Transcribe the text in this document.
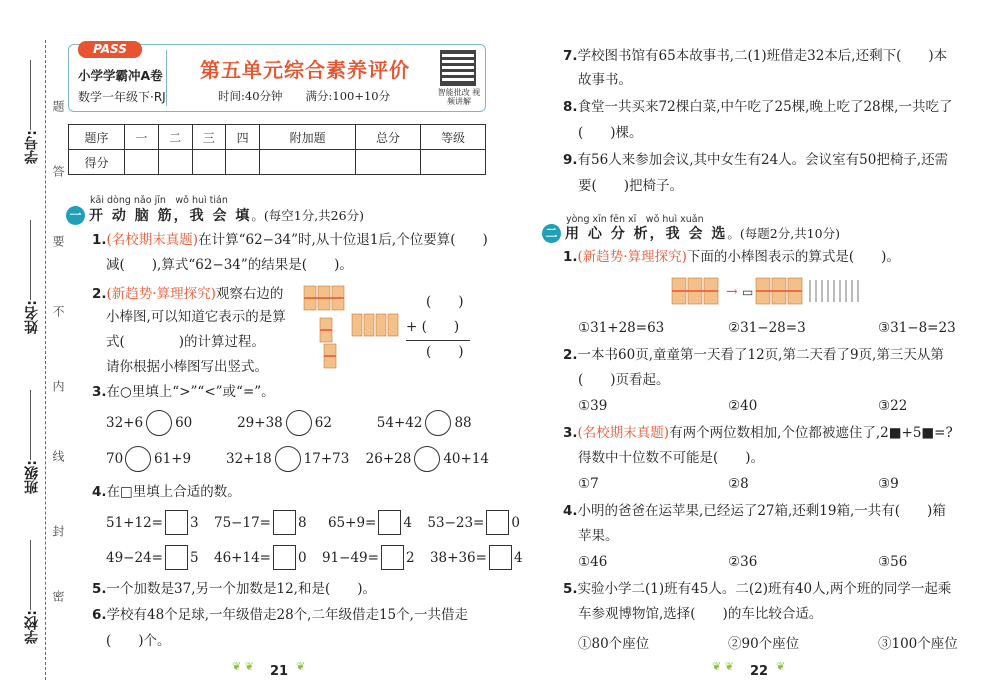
学号:
姓名:
班级:
学校:
题
答
要
不
内
线
封
密
PASS
小学学霸冲A卷
数学一年级下·RJ
第五单元综合素养评价
时间:40分钟　　满分:100+10分	智能批改 视频讲解
题序	一	二	三	四	附加题	总分	等级
得分							
kāi dòng nǎo jīn　wǒ huì tián
一 开 动 脑 筋，我 会 填 。(每空1分,共26分)
1.(名校期末真题)在计算“62−34”时,从十位退1后,个位要算(　　)
减(　　),算式“62−34”的结果是(　　)。
2.(新趋势·算理探究)观察右边的
小棒图,可以知道它表示的是算
式(　　　　)的计算过程。
请你根据小棒图写出竖式。
(　　)
+ (　　)
(　　)
3.在○里填上“>”“<”或“=”。
32+6 60	29+38 62	54+42 88
70 61+9	32+18 17+73	26+28 40+14
4.在□里填上合适的数。
51+12= 3	75−17= 8	65+9= 4	53−23= 0
49−24= 5	46+14= 0	91−49= 2	38+36= 4
5.一个加数是37,另一个加数是12,和是(　　)。
6.学校有48个足球,一年级借走28个,二年级借走15个,一共借走
(　　)个。
❦ ❦ 21 ❦
7.学校图书馆有65本故事书,二(1)班借走32本后,还剩下(　　)本
故事书。
8.食堂一共买来72棵白菜,中午吃了25棵,晚上吃了28棵,一共吃了
(　　)棵。
9.有56人来参加会议,其中女生有24人。会议室有50把椅子,还需
要(　　)把椅子。
yòng xīn fēn xī　wǒ huì xuǎn
二 用 心 分 析，我 会 选 。(每题2分,共10分)
1.(新趋势·算理探究)下面的小棒图表示的算式是(　　)。
→ ▭
①31+28=63	②31−28=3	③31−8=23
2.一本书60页,童童第一天看了12页,第二天看了9页,第三天从第
(　　)页看起。
①39	②40	③22
3.(名校期末真题)有两个两位数相加,个位都被遮住了,2■+5■=?
得数中十位数不可能是(　　)。
①7	②8	③9
4.小明的爸爸在运苹果,已经运了27箱,还剩19箱,一共有(　　)箱
苹果。
①46	②36	③56
5.实验小学二(1)班有45人。二(2)班有40人,两个班的同学一起乘
车参观博物馆,选择(　　)的车比较合适。
①80个座位	②90个座位	③100个座位
❦ ❦ 22 ❦
